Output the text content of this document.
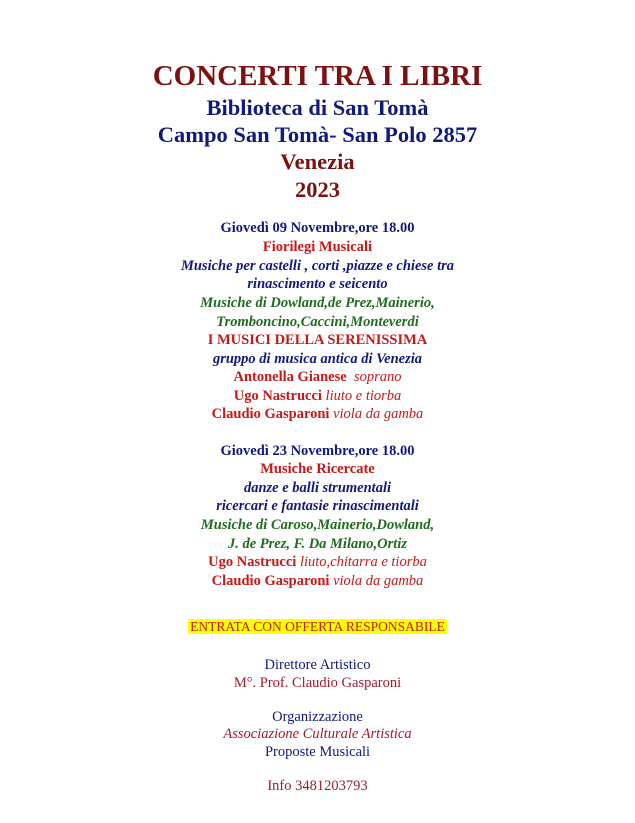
CONCERTI TRA I LIBRI
Biblioteca di San Tomà
Campo San Tomà- San Polo 2857
Venezia
2023
Giovedì 09 Novembre,ore 18.00
Fiorilegi Musicali
Musiche per castelli , corti ,piazze e chiese tra
rinascimento e seicento
Musiche di Dowland,de Prez,Mainerio,
Tromboncino,Caccini,Monteverdi
I MUSICI DELLA SERENISSIMA
gruppo di musica antica di Venezia
Antonella Gianese soprano
Ugo Nastrucci liuto e tiorba
Claudio Gasparoni viola da gamba
Giovedì 23 Novembre,ore 18.00
Musiche Ricercate
danze e balli strumentali
ricercari e fantasie rinascimentali
Musiche di Caroso,Mainerio,Dowland,
J. de Prez, F. Da Milano,Ortiz
Ugo Nastrucci liuto,chitarra e tiorba
Claudio Gasparoni viola da gamba
ENTRATA CON OFFERTA RESPONSABILE
Direttore Artistico
M°. Prof. Claudio Gasparoni
Organizzazione
Associazione Culturale Artistica
Proposte Musicali
Info 3481203793
